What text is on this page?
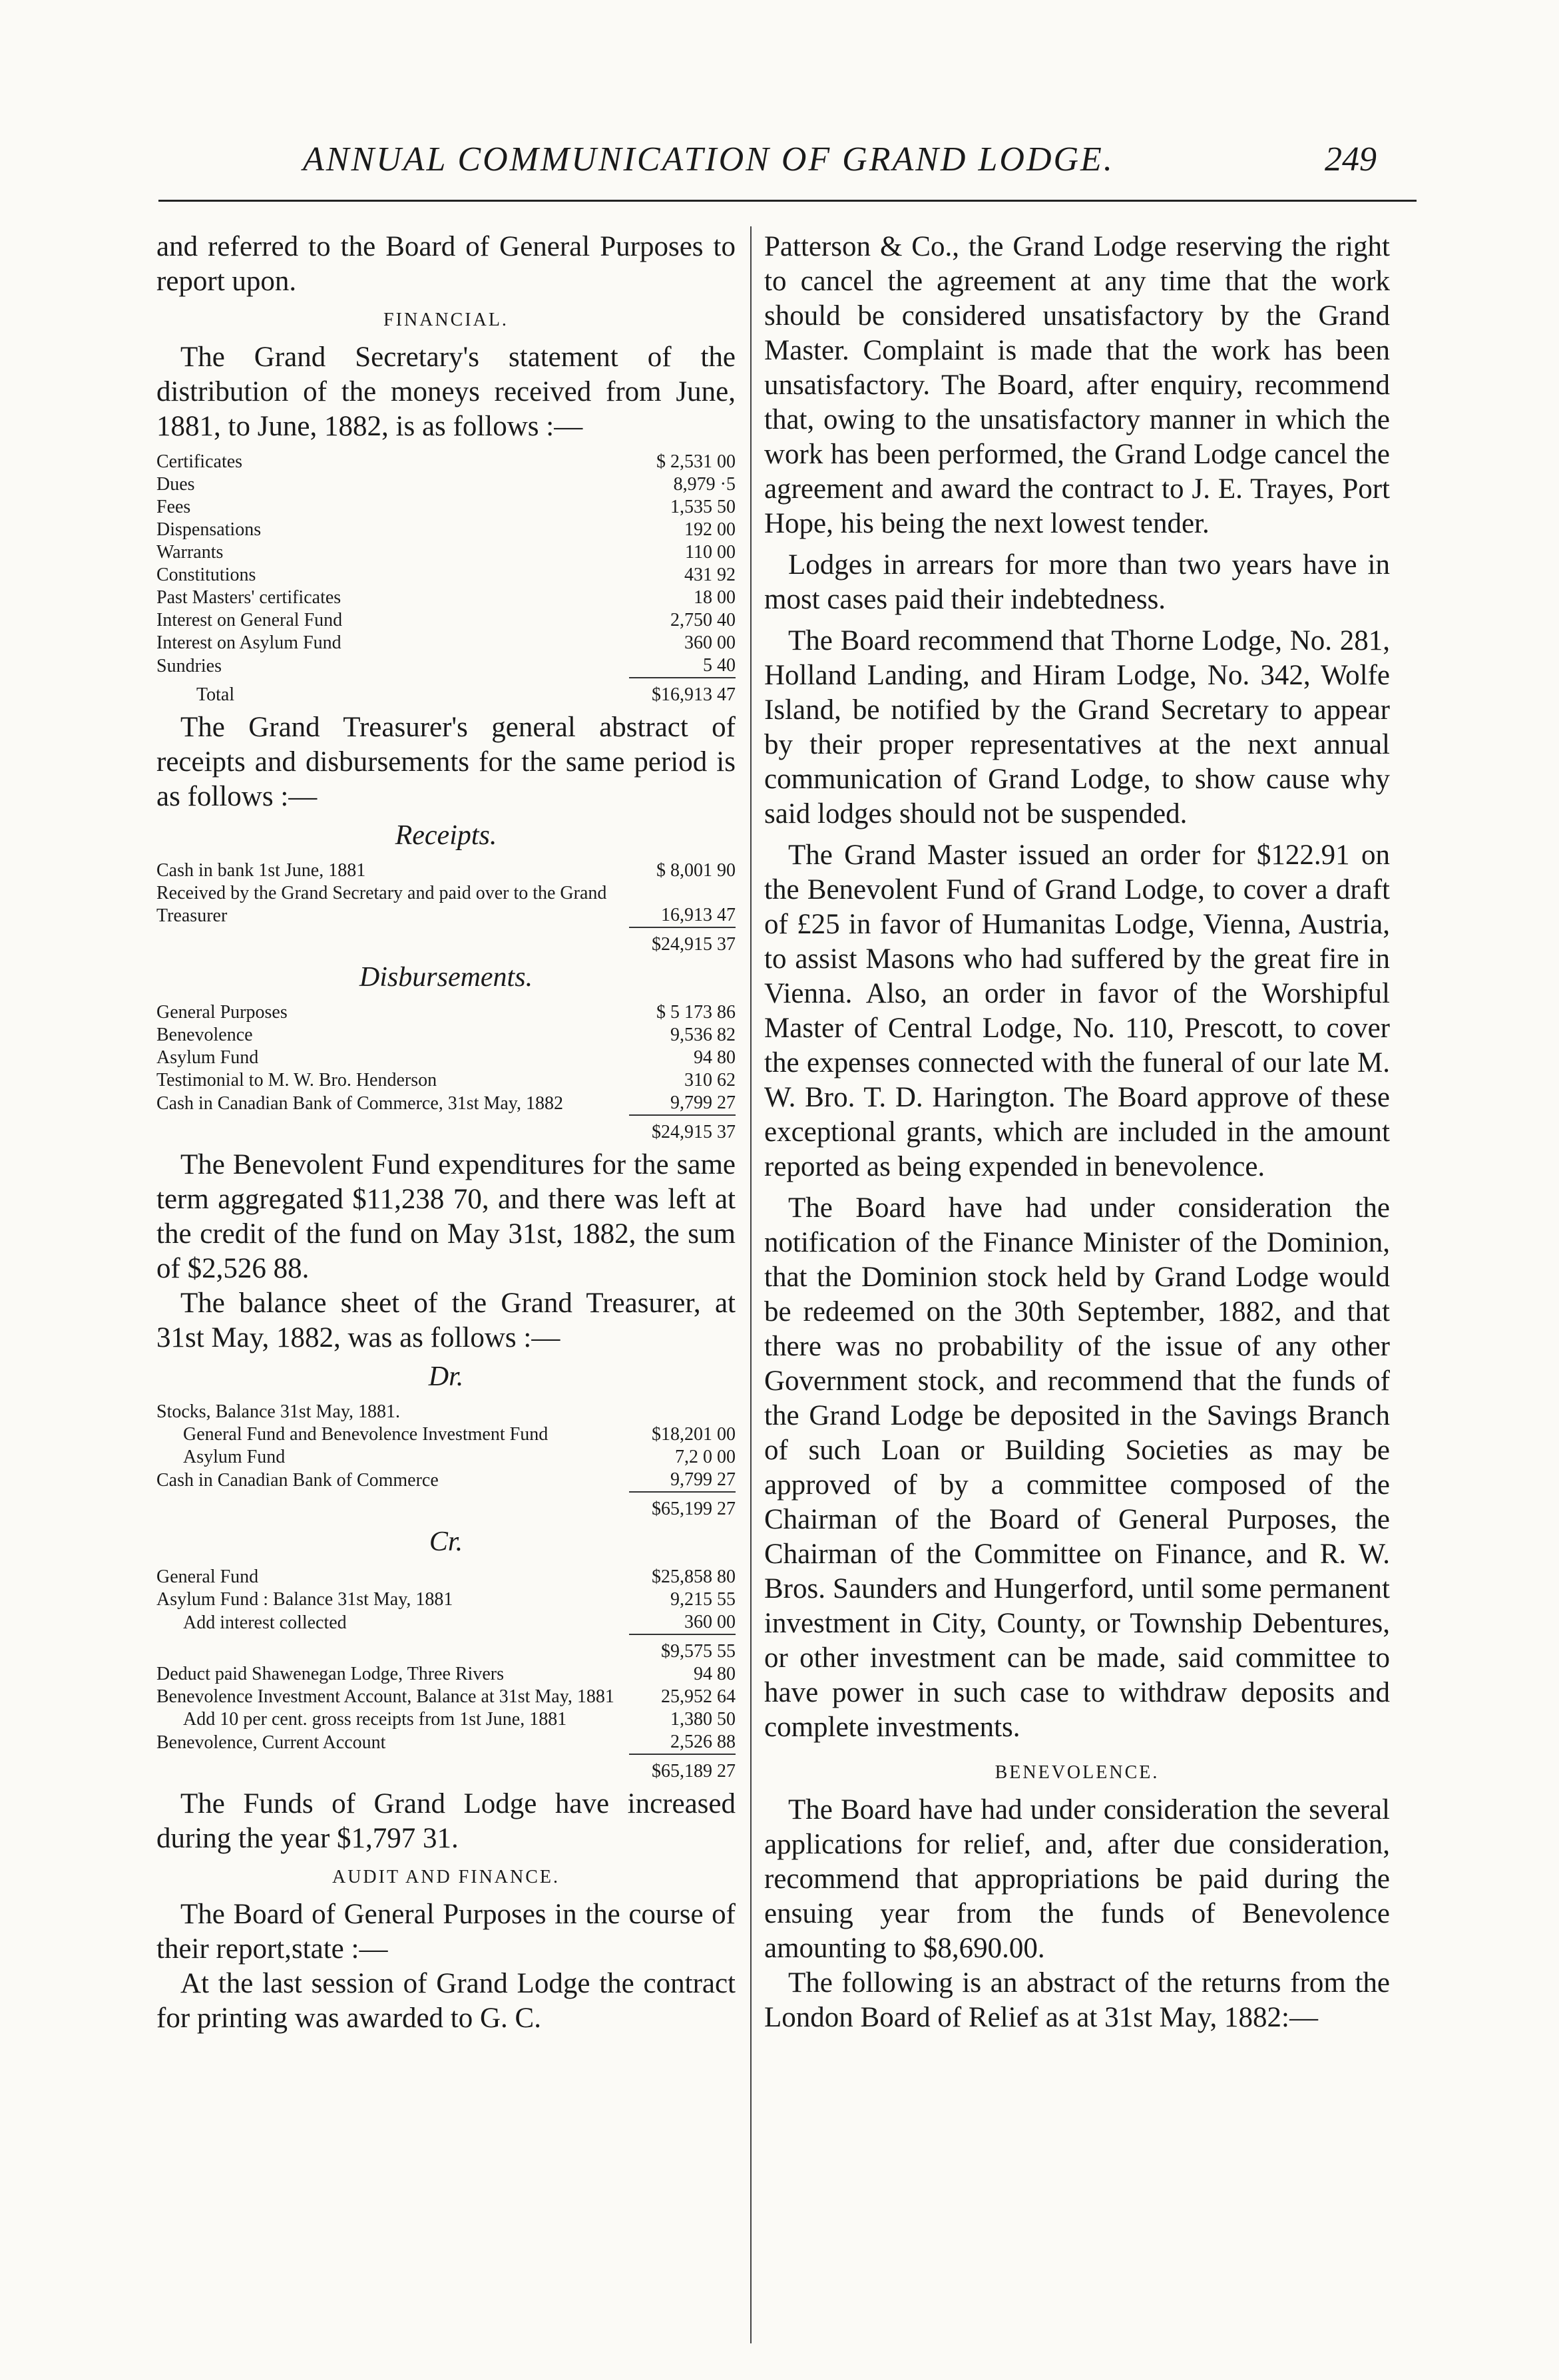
ANNUAL COMMUNICATION OF GRAND LODGE.	249

and referred to the Board of General Purposes to report upon.

FINANCIAL.

The Grand Secretary's statement of the distribution of the moneys received from June, 1881, to June, 1882, is as follows :—

Certificates	$ 2,531 00
Dues	8,979 ·5
Fees	1,535 50
Dispensations	192 00
Warrants	110 00
Constitutions	431 92
Past Masters' certificates	18 00
Interest on General Fund	2,750 40
Interest on Asylum Fund	360 00
Sundries	5 40
Total	$16,913 47

The Grand Treasurer's general abstract of receipts and disbursements for the same period is as follows :—

Receipts.
Cash in bank 1st June, 1881	$ 8,001 90
Received by the Grand Secretary and paid over to the Grand Treasurer	16,913 47
	$24,915 37
Disbursements.
General Purposes	$ 5 173 86
Benevolence	9,536 82
Asylum Fund	94 80
Testimonial to M. W. Bro. Henderson	310 62
Cash in Canadian Bank of Commerce, 31st May, 1882	9,799 27
	$24,915 37

The Benevolent Fund expenditures for the same term aggregated $11,238 70, and there was left at the credit of the fund on May 31st, 1882, the sum of $2,526 88.

The balance sheet of the Grand Treasurer, at 31st May, 1882, was as follows :—

Dr.
Stocks, Balance 31st May, 1881.	
General Fund and Benevolence Investment Fund	$18,201 00
Asylum Fund	7,2 0 00
Cash in Canadian Bank of Commerce	9,799 27
	$65,199 27
Cr.
General Fund	$25,858 80
Asylum Fund : Balance 31st May, 1881	9,215 55
Add interest collected	360 00
	$9,575 55
Deduct paid Shawenegan Lodge, Three Rivers	94 80
Benevolence Investment Account, Balance at 31st May, 1881	25,952 64
Add 10 per cent. gross receipts from 1st June, 1881	1,380 50
Benevolence, Current Account	2,526 88
	$65,189 27

The Funds of Grand Lodge have increased during the year $1,797 31.

AUDIT AND FINANCE.

The Board of General Purposes in the course of their report,state :—

At the last session of Grand Lodge the contract for printing was awarded to G. C.

Patterson & Co., the Grand Lodge reserving the right to cancel the agreement at any time that the work should be considered unsatisfactory by the Grand Master. Complaint is made that the work has been unsatisfactory. The Board, after enquiry, recommend that, owing to the unsatisfactory manner in which the work has been performed, the Grand Lodge cancel the agreement and award the contract to J. E. Trayes, Port Hope, his being the next lowest tender.

Lodges in arrears for more than two years have in most cases paid their indebtedness.

The Board recommend that Thorne Lodge, No. 281, Holland Landing, and Hiram Lodge, No. 342, Wolfe Island, be notified by the Grand Secretary to appear by their proper representatives at the next annual communication of Grand Lodge, to show cause why said lodges should not be suspended.

The Grand Master issued an order for $122.91 on the Benevolent Fund of Grand Lodge, to cover a draft of £25 in favor of Humanitas Lodge, Vienna, Austria, to assist Masons who had suffered by the great fire in Vienna. Also, an order in favor of the Worshipful Master of Central Lodge, No. 110, Prescott, to cover the expenses connected with the funeral of our late M. W. Bro. T. D. Harington. The Board approve of these exceptional grants, which are included in the amount reported as being expended in benevolence.

The Board have had under consideration the notification of the Finance Minister of the Dominion, that the Dominion stock held by Grand Lodge would be redeemed on the 30th September, 1882, and that there was no probability of the issue of any other Government stock, and recommend that the funds of the Grand Lodge be deposited in the Savings Branch of such Loan or Building Societies as may be approved of by a committee composed of the Chairman of the Board of General Purposes, the Chairman of the Committee on Finance, and R. W. Bros. Saunders and Hungerford, until some permanent investment in City, County, or Township Debentures, or other investment can be made, said committee to have power in such case to withdraw deposits and complete investments.

BENEVOLENCE.

The Board have had under consideration the several applications for relief, and, after due consideration, recommend that appropriations be paid during the ensuing year from the funds of Benevolence amounting to $8,690.00.

The following is an abstract of the returns from the London Board of Relief as at 31st May, 1882:—
